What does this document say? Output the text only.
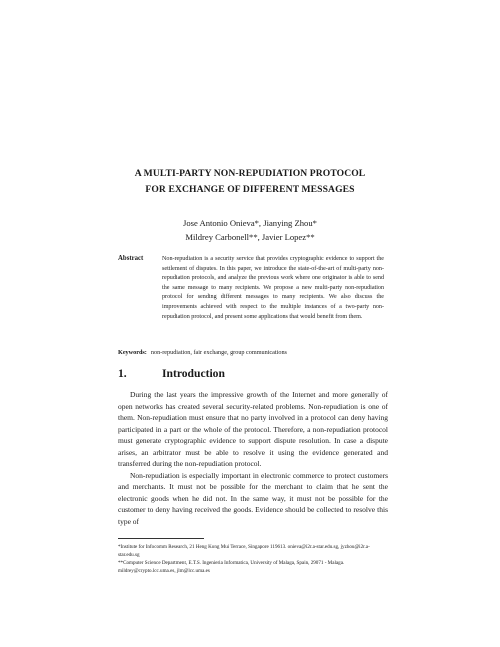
A MULTI-PARTY NON-REPUDIATION PROTOCOL
FOR EXCHANGE OF DIFFERENT MESSAGES
Jose Antonio Onieva*, Jianying Zhou*
Mildrey Carbonell**, Javier Lopez**
Abstract	Non-repudiation is a security service that provides cryptographic evidence to support the settlement of disputes. In this paper, we introduce the state-of-the-art of multi-party non-repudiation protocols, and analyze the previous work where one originator is able to send the same message to many recipients. We propose a new multi-party non-repudiation protocol for sending different messages to many recipients. We also discuss the improvements achieved with respect to the multiple instances of a two-party non-repudiation protocol, and present some applications that would benefit from them.
Keywords: non-repudiation, fair exchange, group communications
1.	Introduction

During the last years the impressive growth of the Internet and more generally of open networks has created several security-related problems. Non-repudiation is one of them. Non-repudiation must ensure that no party involved in a protocol can deny having participated in a part or the whole of the protocol. Therefore, a non-repudiation protocol must generate cryptographic evidence to support dispute resolution. In case a dispute arises, an arbitrator must be able to resolve it using the evidence generated and transferred during the non-repudiation protocol.

Non-repudiation is especially important in electronic commerce to protect customers and merchants. It must not be possible for the merchant to claim that he sent the electronic goods when he did not. In the same way, it must not be possible for the customer to deny having received the goods. Evidence should be collected to resolve this type of

*Institute for Infocomm Research, 21 Heng Kong Mui Terrace, Singapore 119613. onieva@i2r.a-star.edu.sg, jyzhou@i2r.a-star.edu.sg

**Computer Science Department, E.T.S. Ingenieria Informatica, University of Malaga, Spain, 29071 - Malaga. mildrey@crypto.lcc.uma.es, jlm@lcc.uma.es
